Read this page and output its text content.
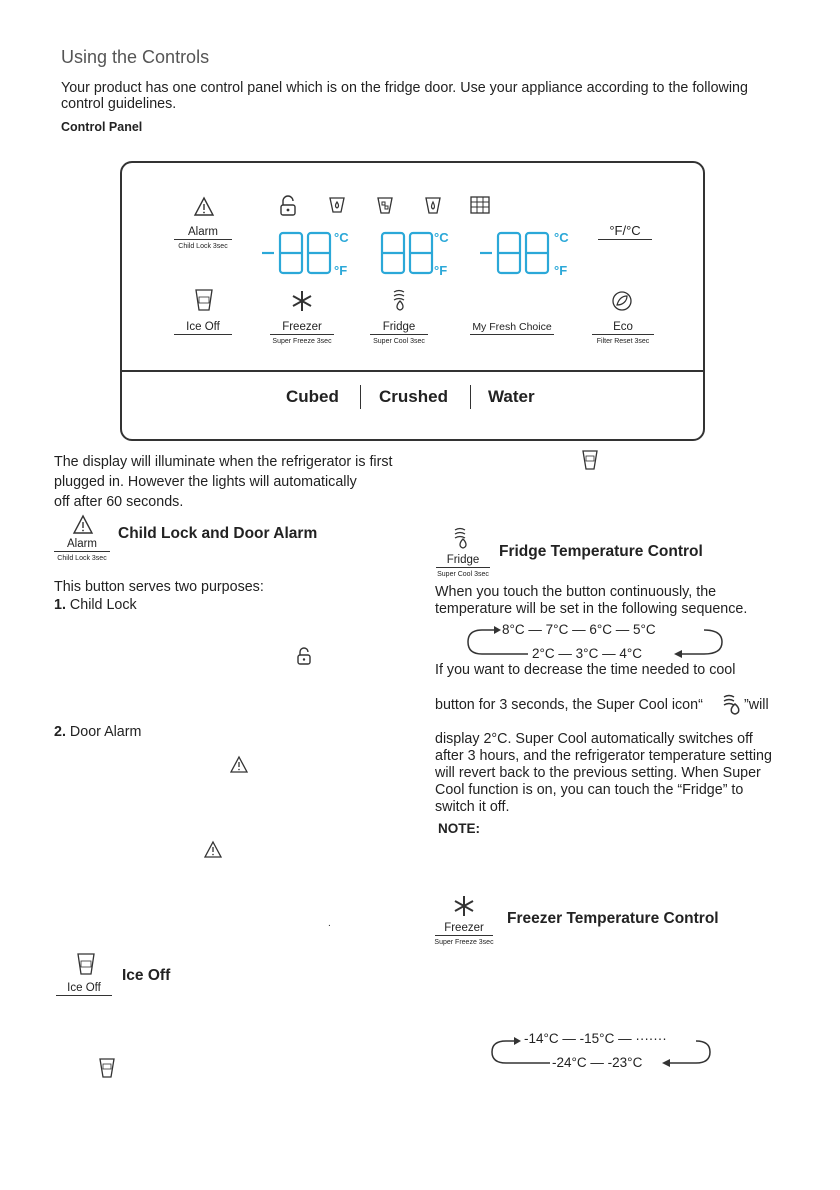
Using the Controls
Your product has one control panel which is on the fridge door. Use your appliance according to the following control guidelines.
Control Panel
Alarm
Child Lock 3sec
°C
°F
°C
°F
°C
°F
°F/°C
Ice Off	Freezer
Super Freeze 3sec
Fridge
Super Cool 3sec
My Fresh Choice	Eco
Filter Reset 3sec
Cubed Crushed Water
The display will illuminate when the refrigerator is first plugged in. However the lights will automatically
off after 60 seconds.
Alarm
Child Lock 3sec
Child Lock and Door Alarm
This button serves two purposes:
1. Child Lock
2. Door Alarm
.
Ice Off
Ice Off
Fridge
Super Cool 3sec
Fridge Temperature Control
When you touch the button continuously, the temperature will be set in the following sequence.
8°C — 7°C — 6°C — 5°C
2°C — 3°C — 4°C
If you want to decrease the time needed to cool
button for 3 seconds, the Super Cool icon“	”will
display 2°C. Super Cool automatically switches off after 3 hours, and the refrigerator temperature setting will revert back to the previous setting. When Super Cool function is on, you can touch the “Fridge” to switch it off.
NOTE:
Freezer
Super Freeze 3sec
Freezer Temperature Control
-14°C — -15°C — ·······
-24°C — -23°C
